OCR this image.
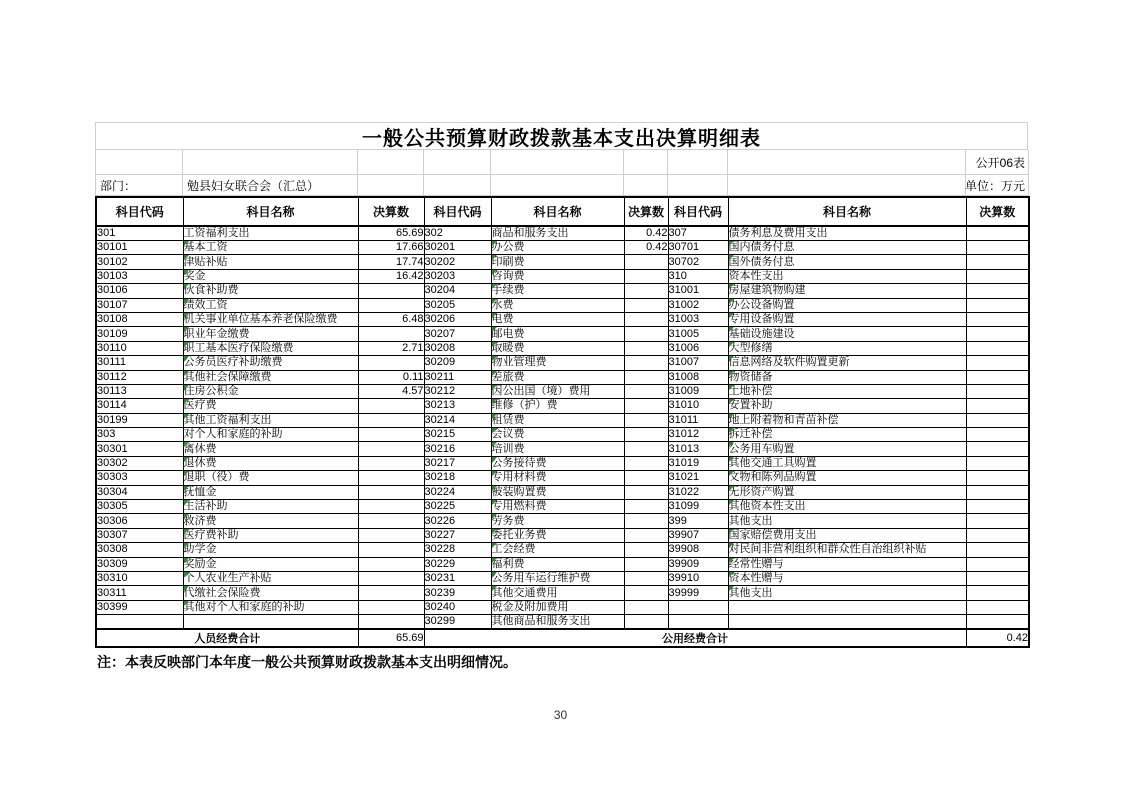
一般公共预算财政拨款基本支出决算明细表
公开06表
部门：	勉县妇女联合会（汇总）	单位：万元
科目代码	科目名称	决算数	科目代码	科目名称	决算数	科目代码	科目名称	决算数
301	工资福利支出	65.69	302	商品和服务支出	0.42	307	债务利息及费用支出	
30101	基本工资	17.66	30201	办公费	0.42	30701	国内债务付息	
30102	津贴补贴	17.74	30202	印刷费		30702	国外债务付息	
30103	奖金	16.42	30203	咨询费		310	资本性支出	
30106	伙食补助费		30204	手续费		31001	房屋建筑物购建	
30107	绩效工资		30205	水费		31002	办公设备购置	
30108	机关事业单位基本养老保险缴费	6.48	30206	电费		31003	专用设备购置	
30109	职业年金缴费		30207	邮电费		31005	基础设施建设	
30110	职工基本医疗保险缴费	2.71	30208	取暖费		31006	大型修缮	
30111	公务员医疗补助缴费		30209	物业管理费		31007	信息网络及软件购置更新	
30112	其他社会保障缴费	0.11	30211	差旅费		31008	物资储备	
30113	住房公积金	4.57	30212	因公出国（境）费用		31009	土地补偿	
30114	医疗费		30213	维修（护）费		31010	安置补助	
30199	其他工资福利支出		30214	租赁费		31011	地上附着物和青苗补偿	
303	对个人和家庭的补助		30215	会议费		31012	拆迁补偿	
30301	离休费		30216	培训费		31013	公务用车购置	
30302	退休费		30217	公务接待费		31019	其他交通工具购置	
30303	退职（役）费		30218	专用材料费		31021	文物和陈列品购置	
30304	抚恤金		30224	被装购置费		31022	无形资产购置	
30305	生活补助		30225	专用燃料费		31099	其他资本性支出	
30306	救济费		30226	劳务费		399	其他支出	
30307	医疗费补助		30227	委托业务费		39907	国家赔偿费用支出	
30308	助学金		30228	工会经费		39908	对民间非营利组织和群众性自治组织补贴	
30309	奖励金		30229	福利费		39909	经常性赠与	
30310	个人农业生产补贴		30231	公务用车运行维护费		39910	资本性赠与	
30311	代缴社会保险费		30239	其他交通费用		39999	其他支出	
30399	其他对个人和家庭的补助		30240	税金及附加费用				
			30299	其他商品和服务支出				
人员经费合计		65.69	公用经费合计					0.42
注：本表反映部门本年度一般公共预算财政拨款基本支出明细情况。
30
